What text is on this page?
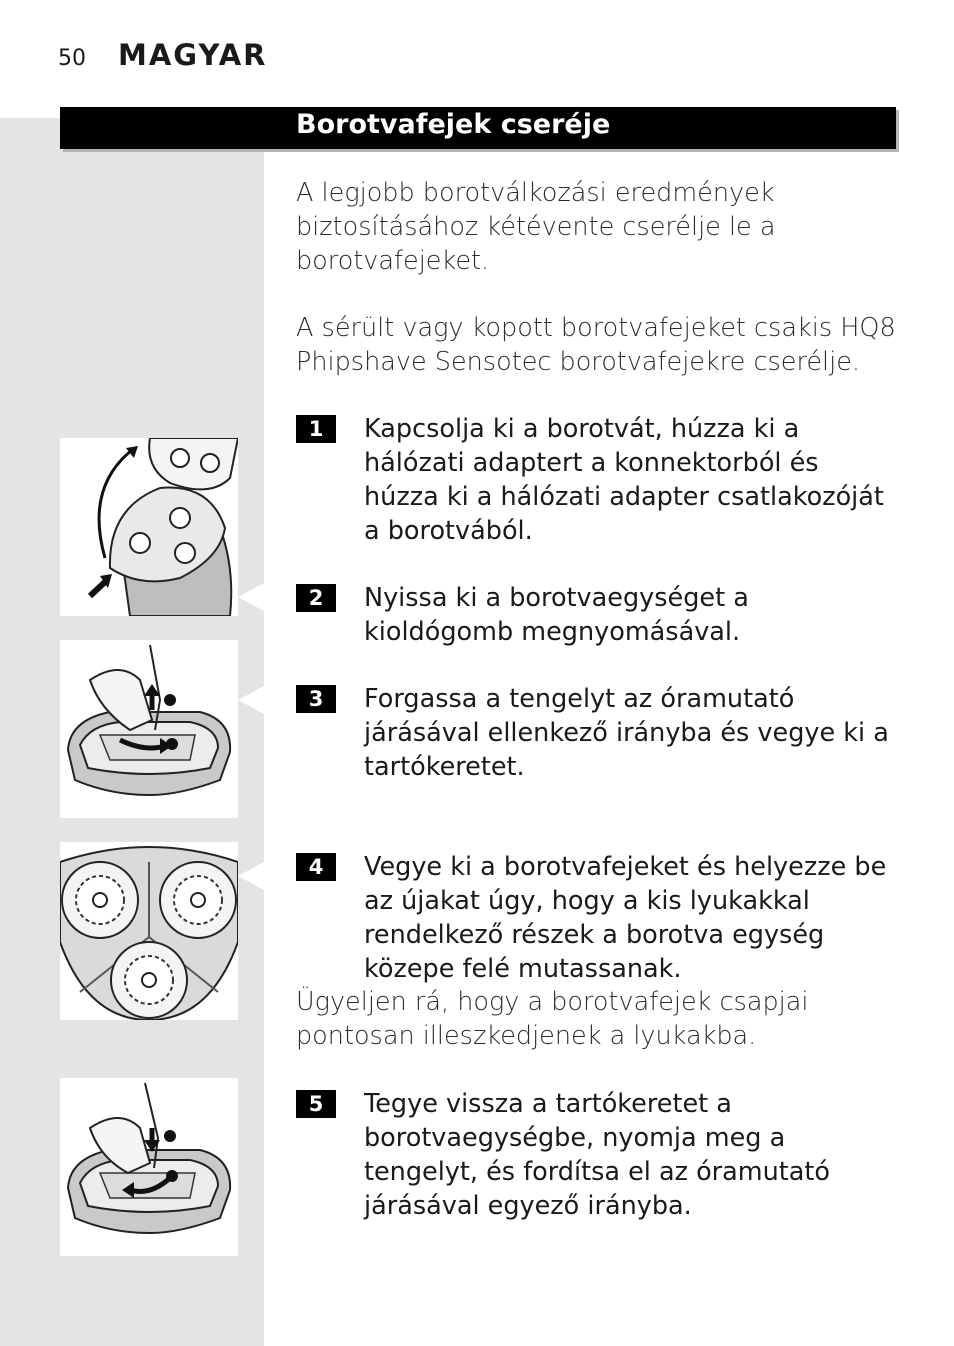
50 MAGYAR
Borotvafejek cseréje

A legjobb borotválkozási eredmények biztosításához kétévente cserélje le a borotvafejeket.

A sérült vagy kopott borotvafejeket csakis HQ8 Phipshave Sensotec borotvafejekre cserélje.

1	Kapcsolja ki a borotvát, húzza ki a hálózati adaptert a konnektorból és húzza ki a hálózati adapter csatlakozóját a borotvából.

2	Nyissa ki a borotvaegységet a kioldógomb megnyomásával.

3	Forgassa a tengelyt az óramutató járásával ellenkező irányba és vegye ki a tartókeretet.

4	Vegye ki a borotvafejeket és helyezze be az újakat úgy, hogy a kis lyukakkal rendelkező részek a borotva egység közepe felé mutassanak.

Ügyeljen rá, hogy a borotvafejek csapjai pontosan illeszkedjenek a lyukakba.

5	Tegye vissza a tartókeretet a borotvaegységbe, nyomja meg a tengelyt, és fordítsa el az óramutató járásával egyező irányba.
